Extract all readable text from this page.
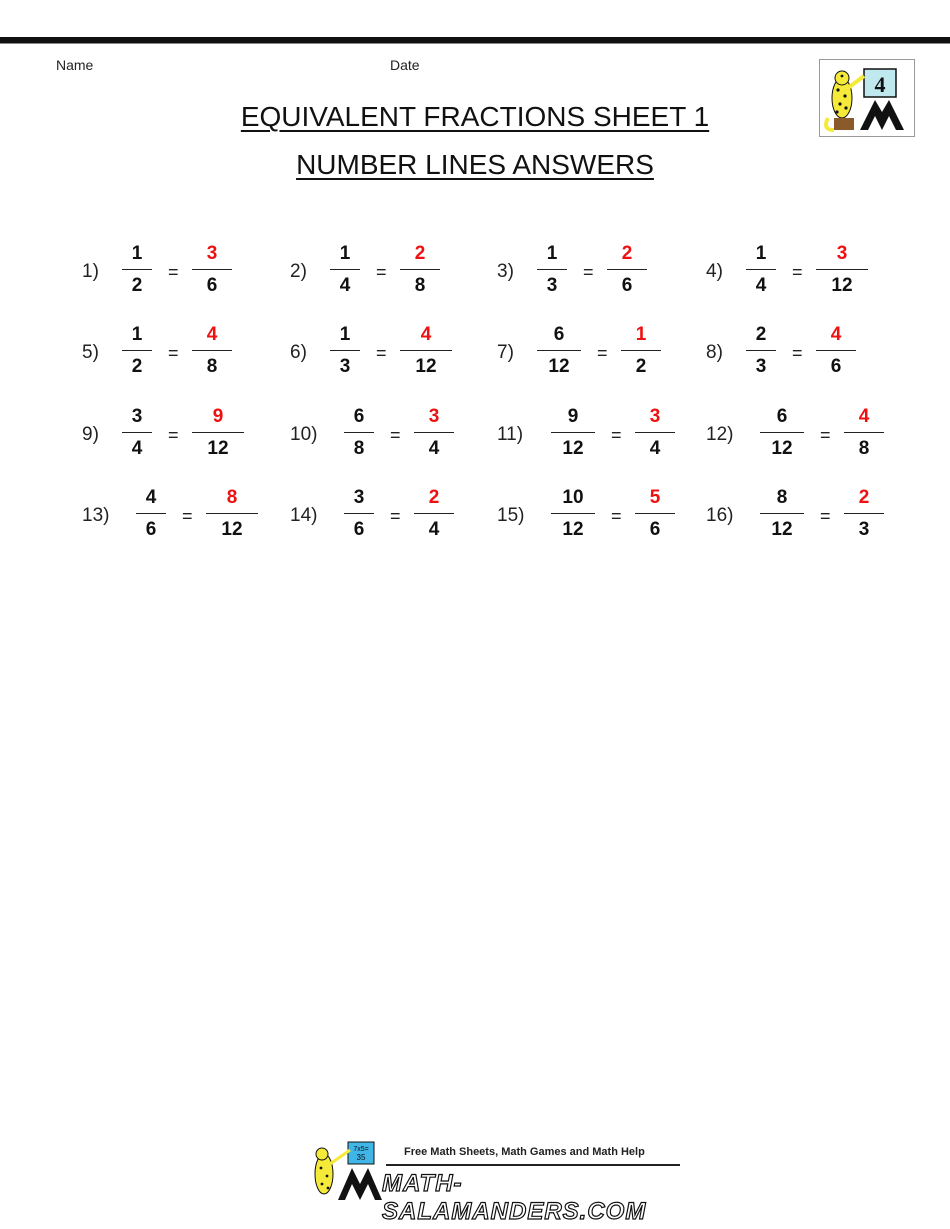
Name	Date
4
EQUIVALENT FRACTIONS SHEET 1
NUMBER LINES ANSWERS
1)
1
2
=
3
6
2)
1
4
=
2
8
3)
1
3
=
2
6
4)
1
4
=
3
12
5)
1
2
=
4
8
6)
1
3
=
4
12
7)
6
12
=
1
2
8)
2
3
=
4
6
9)
3
4
=
9
12
10)
6
8
=
3
4
11)
9
12
=
3
4
12)
6
12
=
4
8
13)
4
6
=
8
12
14)
3
6
=
2
4
15)
10
12
=
5
6
16)
8
12
=
2
3
7x5=
35	Free Math Sheets, Math Games and Math Help
MATH-SALAMANDERS.COM
